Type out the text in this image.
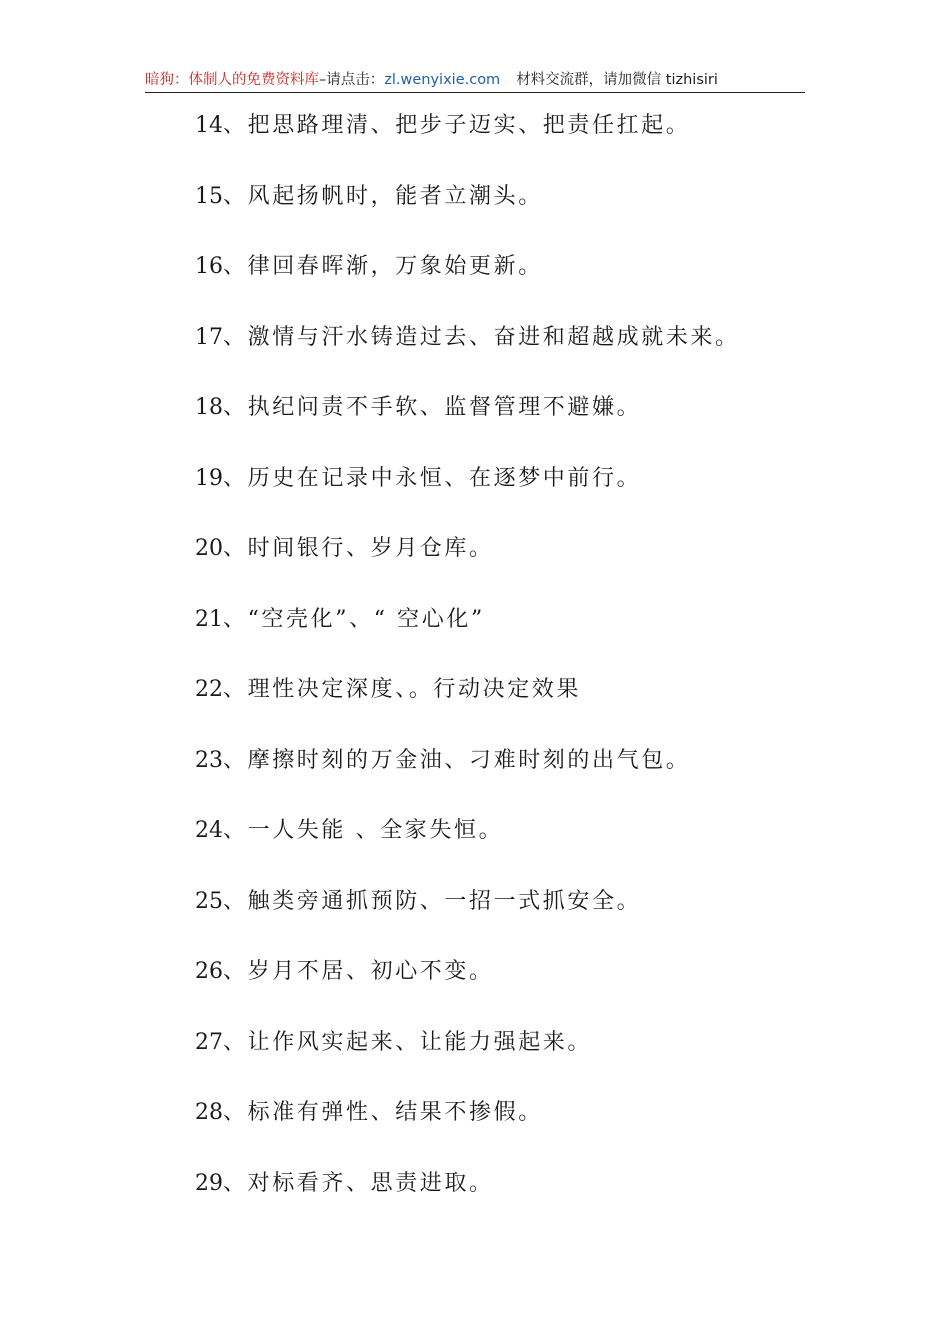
暗狗：体制人的免费资料库–请点击：zl.wenyixie.com 材料交流群，请加微信 tizhisiri
14、把思路理清、把步子迈实、把责任扛起。
15、风起扬帆时，能者立潮头。
16、律回春晖渐，万象始更新。
17、激情与汗水铸造过去、奋进和超越成就未来。
18、执纪问责不手软、监督管理不避嫌。
19、历史在记录中永恒、在逐梦中前行。
20、时间银行、岁月仓库。
21、“空壳化”、“ 空心化”
22、理性决定深度、。行动决定效果
23、摩擦时刻的万金油、刁难时刻的出气包。
24、一人失能 、全家失恒。
25、触类旁通抓预防、一招一式抓安全。
26、岁月不居、初心不变。
27、让作风实起来、让能力强起来。
28、标准有弹性、结果不掺假。
29、对标看齐、思责进取。
